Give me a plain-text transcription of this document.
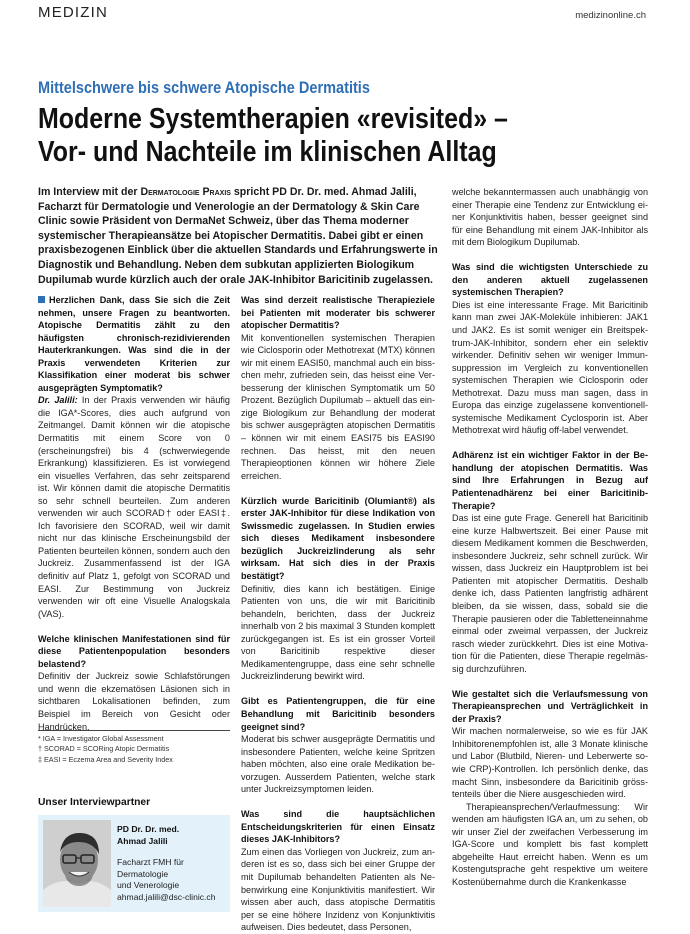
MEDIZIN	medizinonline.ch
Mittelschwere bis schwere Atopische Dermatitis
Moderne Systemtherapien «revisited» –
Vor- und Nachteile im klinischen Alltag
Im Interview mit der Dermatologie Praxis spricht PD Dr. Dr. med. Ahmad Jalili, Facharzt für Dermatologie und Venerologie an der Dermatology & Skin Care Clinic sowie Präsident von DermaNet Schweiz, über das Thema moderner systemischer Therapieansätze bei Atopischer Dermatitis. Dabei gibt er einen praxisbezogenen Einblick über die aktuellen Standards und Erfahrungswerte in Diagnostik und Behandlung. Neben dem subkutan applizierten Biologikum Dupilumab wurde kürzlich auch der orale JAK-Inhibitor Baricitinib zugelassen.

Herzlichen Dank, dass Sie sich die Zeit nehmen, unsere Fragen zu beantworten. Atopische Dermatitis zählt zu den häufigsten chronisch-rezidivierenden Hauterkrankungen. Was sind die in der Praxis verwendeten Kriterien zur Klassifikation einer moderat bis schwer ausgeprägten Symptomatik?

Dr. Jalili: In der Praxis verwenden wir häufig die IGA*-Scores, dies auch aufgrund von Zeitmangel. Damit können wir die atopische Dermatitis mit einem Score von 0 (erscheinungsfrei) bis 4 (schwerwiegende Erkrankung) klassifizieren. Es ist vorwiegend ein visuelles Verfahren, das sehr zeitsparend ist. Wir können damit die atopische Dermatitis so sehr schnell beurteilen. Zum anderen verwenden wir auch SCORAD† oder EASI‡. Ich favorisiere den SCORAD, weil wir damit nicht nur das klinische Erscheinungsbild der Patienten beurteilen können, sondern auch den Juckreiz. Zusammenfassend ist der IGA definitiv auf Platz 1, gefolgt von SCORAD und EASI. Zur Bestimmung von Juckreiz verwenden wir oft eine Visuelle Analogskala (VAS).

Welche klinischen Manifestationen sind für diese Patientenpopulation besonders belastend?

Definitiv der Juckreiz sowie Schlafstörungen und wenn die ekzematösen Läsionen sich in sichtbaren Lokalisationen befinden, zum Beispiel im Bereich von Gesicht oder Handrücken.

* IGA = Investigator Global Assessment
† SCORAD = SCORing Atopic Dermatitis
‡ EASI = Eczema Area and Severity Index
Unser Interviewpartner
PD Dr. Dr. med.
Ahmad Jalili
Facharzt FMH für
Dermatologie
und Venerologie
ahmad.jalili@dsc-clinic.ch

Was sind derzeit realistische Therapieziele bei Patienten mit moderater bis schwerer atopischer Dermatitis?

Mit konventionellen systemischen Therapien wie Ciclosporin oder Methotrexat (MTX) können wir mit einem EASI50, manchmal auch ein bisschen mehr, zufrieden sein, das heisst eine Verbesserung der klinischen Symptomatik um 50 Prozent. Bezüglich Dupilumab – aktuell das einzige Biologikum zur Behandlung der moderat bis schwer ausgeprägten atopischen Dermatitis – können wir mit einem EASI75 bis EASI90 rechnen. Das heisst, mit den neuen Therapieoptionen können wir höhere Ziele erreichen.

Kürzlich wurde Baricitinib (Olumiant®) als erster JAK-Inhibitor für diese Indikation von Swissmedic zugelassen. In Studien erwies sich dieses Medikament insbesondere bezüglich Juckreizlinderung als sehr wirksam. Hat sich dies in der Praxis bestätigt?

Definitiv, dies kann ich bestätigen. Einige Patienten von uns, die wir mit Baricitinib behandeln, berichten, dass der Juckreiz innerhalb von 2 bis maximal 3 Stunden komplett zurückgegangen ist. Es ist ein grosser Vorteil von Baricitinib respektive dieser Medikamentengruppe, dass eine sehr schnelle Juckreizlinderung bewirkt wird.

Gibt es Patientengruppen, die für eine Behandlung mit Baricitinib besonders geeignet sind?

Moderat bis schwer ausgeprägte Dermatitis und insbesondere Patienten, welche keine Spritzen haben möchten, also eine orale Medikation bevorzugen. Ausserdem Patienten, welche stark unter Juckreizsymptomen leiden.

Was sind die hauptsächlichen Entscheidungskriterien für einen Einsatz dieses JAK-Inhibitors?

Zum einen das Vorliegen von Juckreiz, zum anderen ist es so, dass sich bei einer Gruppe der mit Dupilumab behandelten Patienten als Nebenwirkung eine Konjunktivitis manifestiert. Wir wissen aber auch, dass atopische Dermatitis per se eine höhere Inzidenz von Konjunktivitis aufweisen. Dies bedeutet, dass Personen,

welche bekanntermassen auch unabhängig von einer Therapie eine Tendenz zur Entwicklung einer Konjunktivitis haben, besser geeignet sind für eine Behandlung mit einem JAK-Inhibitor als mit dem Biologikum Dupilumab.

Was sind die wichtigsten Unterschiede zu den anderen aktuell zugelassenen systemischen Therapien?

Dies ist eine interessante Frage. Mit Baricitinib kann man zwei JAK-Moleküle inhibieren: JAK1 und JAK2. Es ist somit weniger ein Breitspektrum-JAK-Inhibitor, sondern eher ein selektiv wirkender. Definitiv sehen wir weniger Immunsuppression im Vergleich zu konventionellen systemischen Therapien wie Ciclosporin oder Methotrexat. Dazu muss man sagen, dass in Europa das einzige zugelassene konventionell-systemische Medikament Cyclosporin ist. Aber Methotrexat wird häufig off-label verwendet.

Adhärenz ist ein wichtiger Faktor in der Behandlung der atopischen Dermatitis. Was sind Ihre Erfahrungen in Bezug auf Patientenadhärenz bei einer Baricitinib-Therapie?

Das ist eine gute Frage. Generell hat Baricitinib eine kurze Halbwertszeit. Bei einer Pause mit diesem Medikament kommen die Beschwerden, insbesondere Juckreiz, sehr schnell zurück. Wir wissen, dass Juckreiz ein Hauptproblem ist bei Patienten mit atopischer Dermatitis. Deshalb denke ich, dass Patienten langfristig adhärent bleiben, da sie wissen, dass, sobald sie die Therapie pausieren oder die Tabletteneinnahme einmal oder zweimal verpassen, der Juckreiz rasch wieder zurückkehrt. Dies ist eine Motivation für die Patienten, diese Therapie regelmässig durchzuführen.

Wie gestaltet sich die Verlaufsmessung von Therapieansprechen und Verträglichkeit in der Praxis?

Wir machen normalerweise, so wie es für JAK Inhibitorenempfohlen ist, alle 3 Monate klinische und Labor (Blutbild, Nieren- und Leberwerte sowie CRP)-Kontrollen. Ich persönlich denke, das macht Sinn, insbesondere da Baricitinib grösstenteils über die Niere ausgeschieden wird.

Therapieansprechen/Verlaufmessung: Wir wenden am häufigsten IGA an, um zu sehen, ob wir unser Ziel der zweifachen Verbesserung im IGA-Score und komplett bis fast komplett abgeheilte Haut erreicht haben. Wenn es um Kostengutsprache geht respektive um weitere Kostenübernahme durch die Krankenkasse
